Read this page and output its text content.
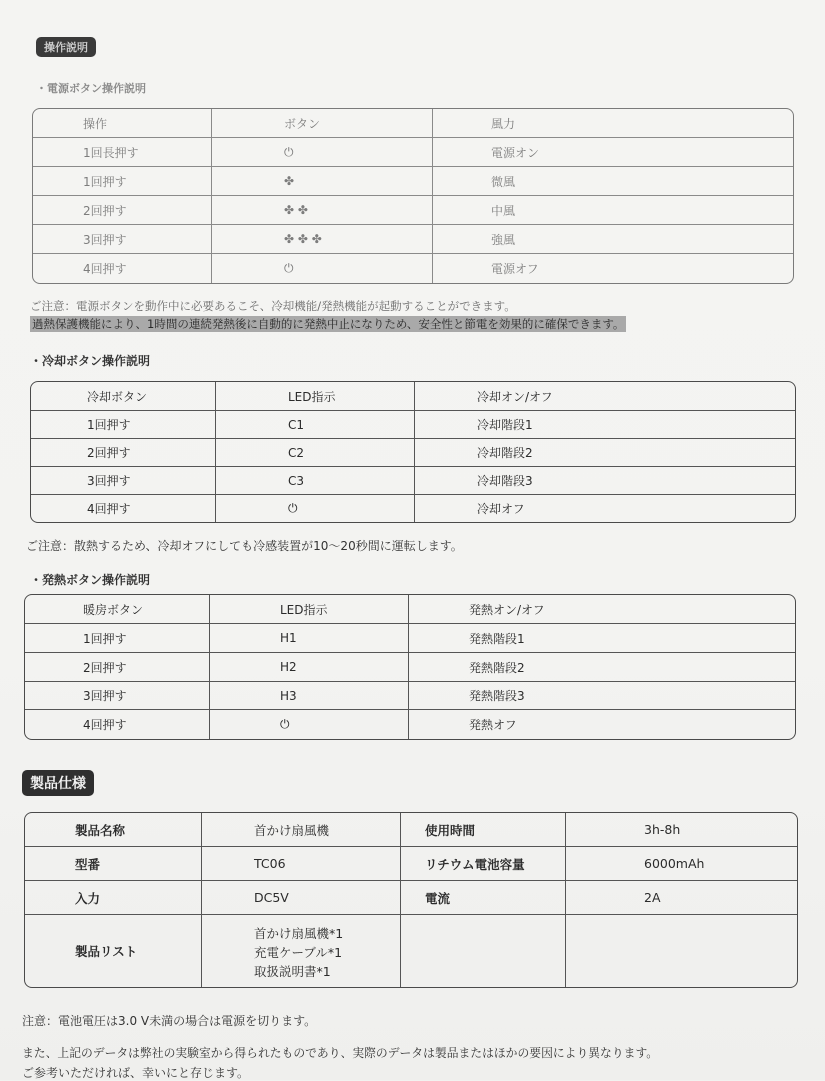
操作説明
・電源ボタン操作説明
操作	ボタン	風力
1回長押す	⏻	電源オン
1回押す	✤	微風
2回押す	✤ ✤	中風
3回押す	✤ ✤ ✤	強風
4回押す	⏻	電源オフ
ご注意：電源ボタンを動作中に必要あるこそ、冷却機能/発熱機能が起動することができます。
過熱保護機能により、1時間の連続発熱後に自動的に発熱中止になりため、安全性と節電を効果的に確保できます。
・冷却ボタン操作説明
冷却ボタン	LED指示	冷却オン/オフ
1回押す	C1	冷却階段1
2回押す	C2	冷却階段2
3回押す	C3	冷却階段3
4回押す	⏻	冷却オフ
ご注意：散熱するため、冷却オフにしても冷感装置が10～20秒間に運転します。
・発熱ボタン操作説明
暖房ボタン	LED指示	発熱オン/オフ
1回押す	H1	発熱階段1
2回押す	H2	発熱階段2
3回押す	H3	発熱階段3
4回押す	⏻	発熱オフ
製品仕様
製品名称	首かけ扇風機	使用時間	3h-8h
型番	TC06	リチウム電池容量	6000mAh
入力	DC5V	電流	2A
製品リスト	首かけ扇風機*1
充電ケーブル*1
取扱説明書*1		

注意：電池電圧は3.0 V未満の場合は電源を切ります。
また、上記のデータは弊社の実験室から得られたものであり、実際のデータは製品またはほかの要因により異なります。
ご参考いただければ、幸いにと存じます。
